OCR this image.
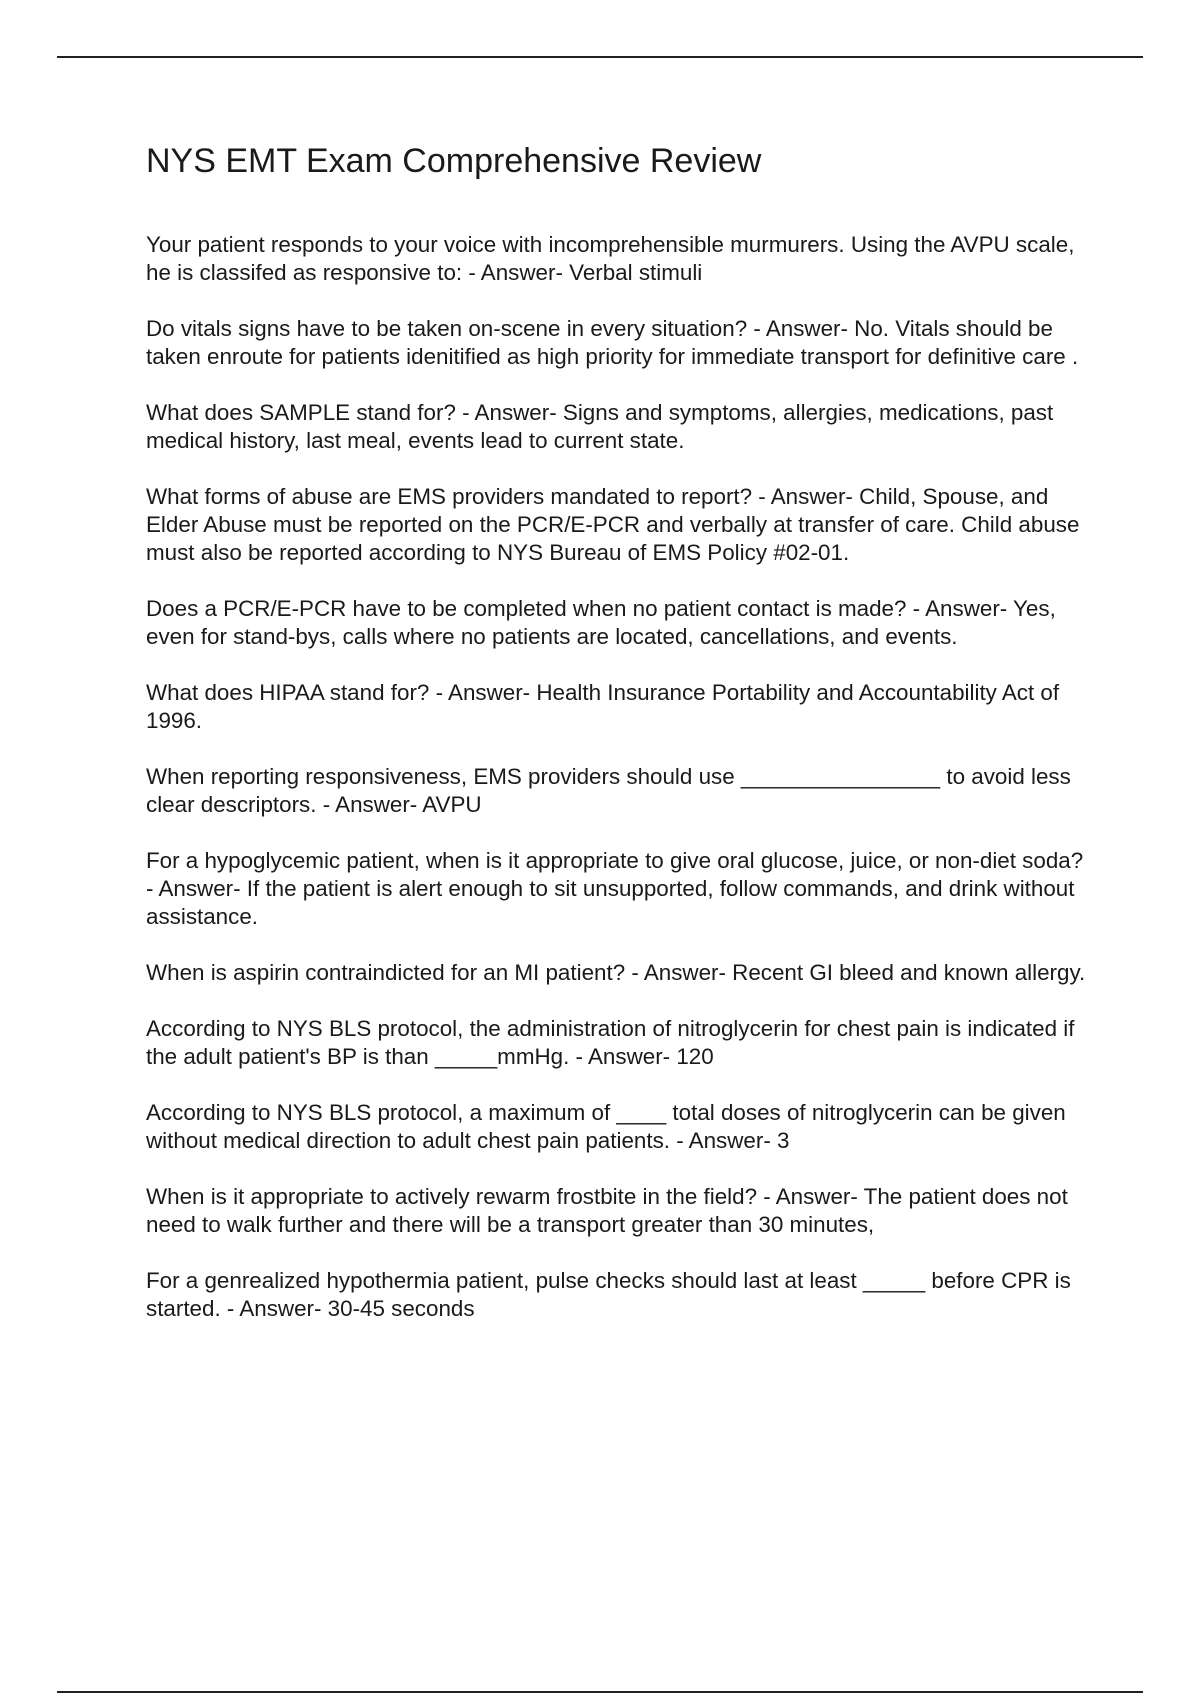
NYS EMT Exam Comprehensive Review
Your patient responds to your voice with incomprehensible murmurers. Using the AVPU scale, he is classifed as responsive to: - Answer- Verbal stimuli
Do vitals signs have to be taken on-scene in every situation? - Answer- No. Vitals should be taken enroute for patients idenitified as high priority for immediate transport for definitive care .
What does SAMPLE stand for? - Answer- Signs and symptoms, allergies, medications, past medical history, last meal, events lead to current state.
What forms of abuse are EMS providers mandated to report? - Answer- Child, Spouse, and Elder Abuse must be reported on the PCR/E-PCR and verbally at transfer of care. Child abuse must also be reported according to NYS Bureau of EMS Policy #02-01.
Does a PCR/E-PCR have to be completed when no patient contact is made? - Answer- Yes, even for stand-bys, calls where no patients are located, cancellations, and events.
What does HIPAA stand for? - Answer- Health Insurance Portability and Accountability Act of 1996.
When reporting responsiveness, EMS providers should use ________________ to avoid less clear descriptors. - Answer- AVPU
For a hypoglycemic patient, when is it appropriate to give oral glucose, juice, or non-diet soda? - Answer- If the patient is alert enough to sit unsupported, follow commands, and drink without assistance.
When is aspirin contraindicted for an MI patient? - Answer- Recent GI bleed and known allergy.
According to NYS BLS protocol, the administration of nitroglycerin for chest pain is indicated if the adult patient's BP is than _____mmHg. - Answer- 120
According to NYS BLS protocol, a maximum of ____ total doses of nitroglycerin can be given without medical direction to adult chest pain patients. - Answer- 3
When is it appropriate to actively rewarm frostbite in the field? - Answer- The patient does not need to walk further and there will be a transport greater than 30 minutes,
For a genrealized hypothermia patient, pulse checks should last at least _____ before CPR is started. - Answer- 30-45 seconds
